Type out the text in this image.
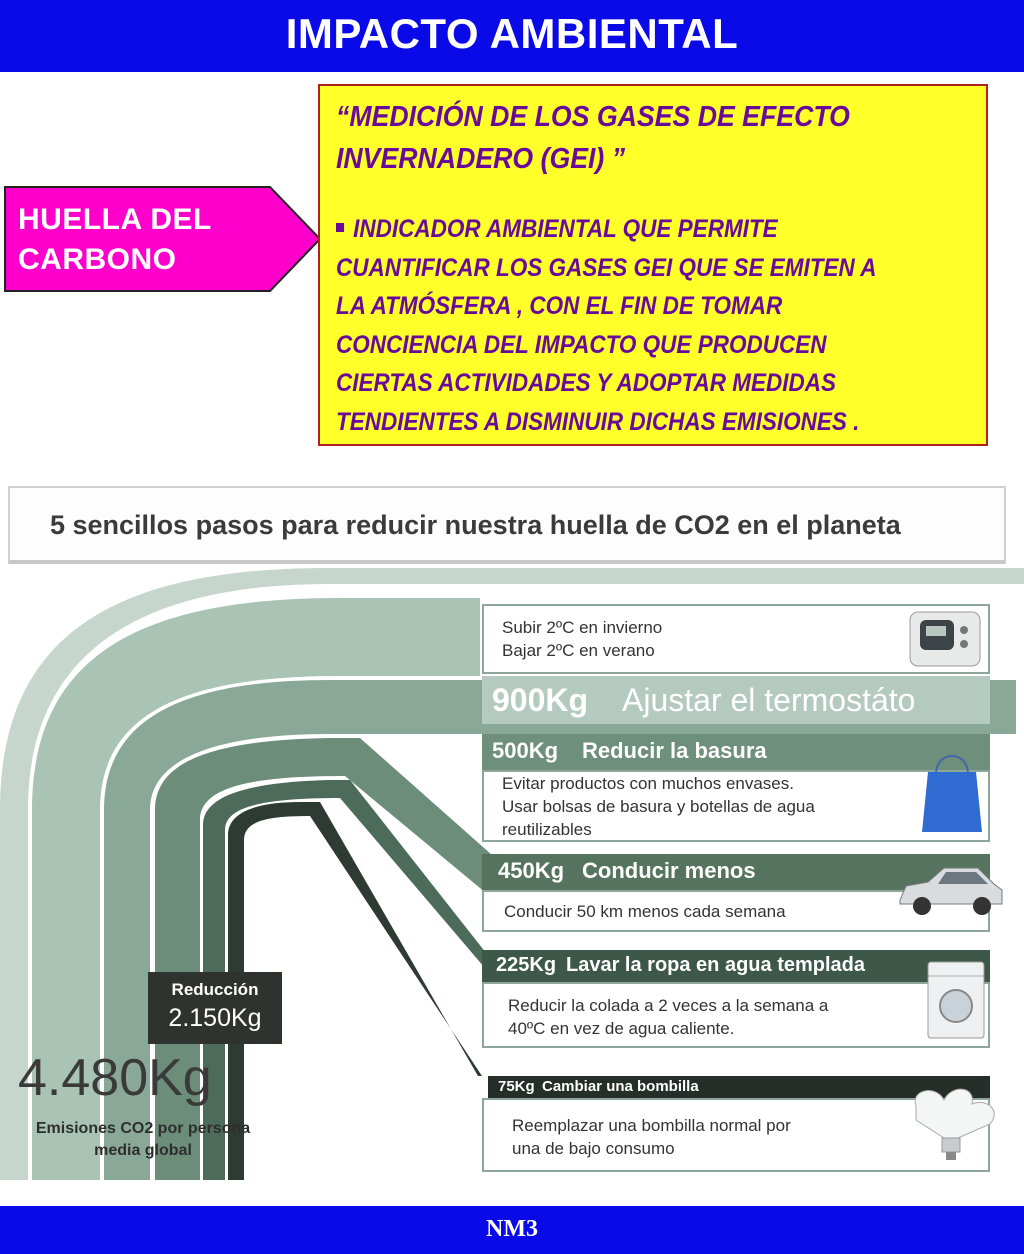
IMPACTO AMBIENTAL
HUELLA DEL
CARBONO
“MEDICIÓN DE LOS GASES DE EFECTO
INVERNADERO (GEI) ”
INDICADOR AMBIENTAL QUE PERMITE
CUANTIFICAR LOS GASES GEI QUE SE EMITEN A
LA ATMÓSFERA , CON EL FIN DE TOMAR
CONCIENCIA DEL IMPACTO QUE PRODUCEN
CIERTAS ACTIVIDADES Y ADOPTAR MEDIDAS
TENDIENTES A DISMINUIR DICHAS EMISIONES .
5 sencillos pasos para reducir nuestra huella de CO2 en el planeta
Subir 2ºC en invierno
Bajar 2ºC en verano
900Kg Ajustar el termostáto
500Kg Reducir la basura
Evitar productos con muchos envases.
Usar bolsas de basura y botellas de agua
reutilizables
450Kg Conducir menos
Conducir 50 km menos cada semana
225Kg Lavar la ropa en agua templada
Reducir la colada a 2 veces a la semana a
40ºC en vez de agua caliente.
75Kg Cambiar una bombilla
Reemplazar una bombilla normal por
una de bajo consumo
Reducción
2.150Kg
4.480Kg
Emisiones CO2 por persona
media global
NM3
